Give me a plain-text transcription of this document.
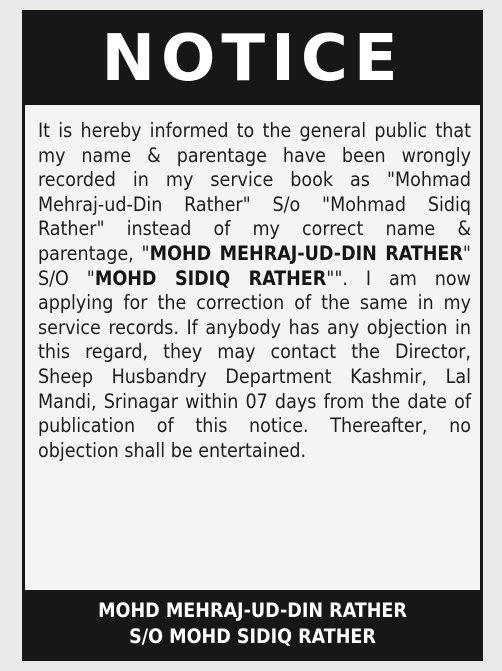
NOTICE

It is hereby informed to the general public that my name & parentage have been wrongly recorded in my service book as "Mohmad Mehraj-ud-Din Rather" S/o "Mohmad Sidiq Rather" instead of my correct name & parentage, "MOHD MEHRAJ-UD-DIN RATHER" S/O "MOHD SIDIQ RATHER"". I am now applying for the correction of the same in my service records. If anybody has any objection in this regard, they may contact the Director, Sheep Husbandry Department Kashmir, Lal Mandi, Srinagar within 07 days from the date of publication of this notice. Thereafter, no objection shall be entertained.

MOHD MEHRAJ-UD-DIN RATHER
S/O MOHD SIDIQ RATHER
